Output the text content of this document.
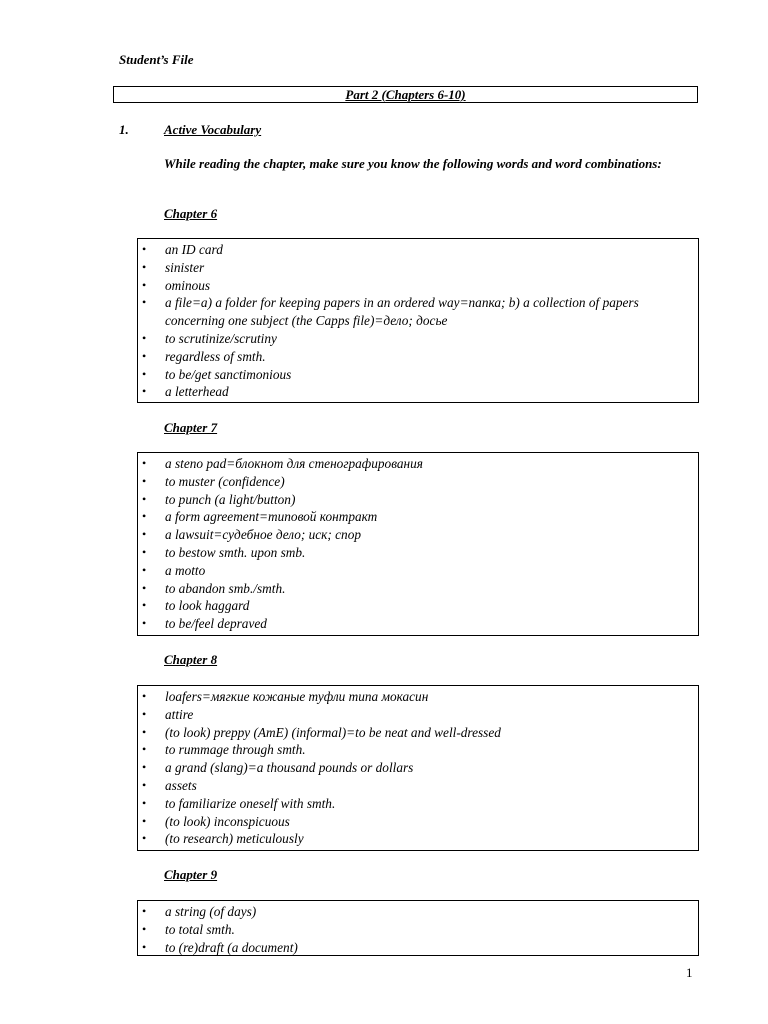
Student’s File
Part 2 (Chapters 6-10)
1.	Active Vocabulary
While reading the chapter, make sure you know the following words and word combinations:
Chapter 6
• an ID card
• sinister
• ominous
• a file=a) a folder for keeping papers in an ordered way=папка; b) a collection of papers concerning one subject (the Capps file)=дело; досье
• to scrutinize/scrutiny
• regardless of smth.
• to be/get sanctimonious
• a letterhead
Chapter 7
• a steno pad=блокнот для стенографирования
• to muster (confidence)
• to punch (a light/button)
• a form agreement=типовой контракт
• a lawsuit=судебное дело; иск; спор
• to bestow smth. upon smb.
• a motto
• to abandon smb./smth.
• to look haggard
• to be/feel depraved
Chapter 8
• loafers=мягкие кожаные туфли типа мокасин
• attire
• (to look) preppy (AmE) (informal)=to be neat and well-dressed
• to rummage through smth.
• a grand (slang)=a thousand pounds or dollars
• assets
• to familiarize oneself with smth.
• (to look) inconspicuous
• (to research) meticulously
Chapter 9
• a string (of days)
• to total smth.
• to (re)draft (a document)
1
